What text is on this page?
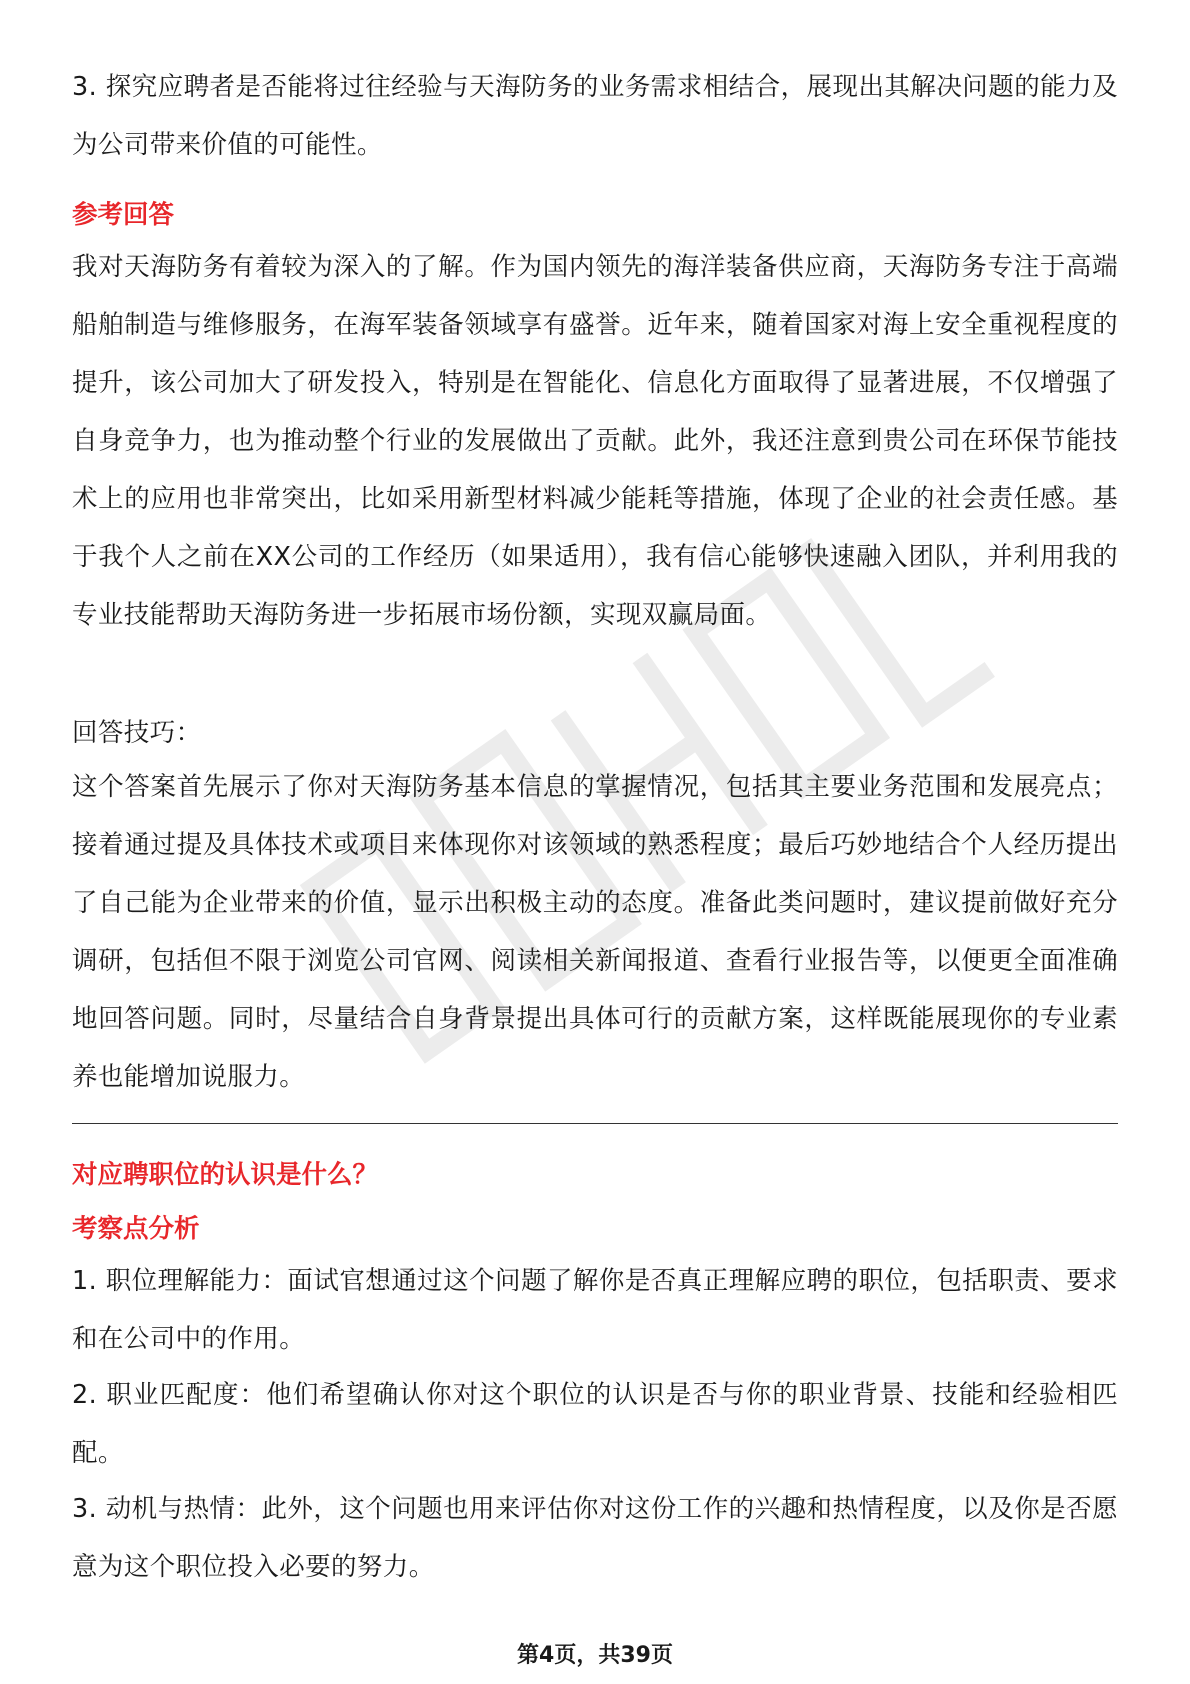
3. 探究应聘者是否能将过往经验与天海防务的业务需求相结合，展现出其解决问题的能力及为公司带来价值的可能性。

参考回答

我对天海防务有着较为深入的了解。作为国内领先的海洋装备供应商，天海防务专注于高端船舶制造与维修服务，在海军装备领域享有盛誉。近年来，随着国家对海上安全重视程度的提升，该公司加大了研发投入，特别是在智能化、信息化方面取得了显著进展，不仅增强了自身竞争力，也为推动整个行业的发展做出了贡献。此外，我还注意到贵公司在环保节能技术上的应用也非常突出，比如采用新型材料减少能耗等措施，体现了企业的社会责任感。基于我个人之前在XX公司的工作经历（如果适用），我有信心能够快速融入团队，并利用我的专业技能帮助天海防务进一步拓展市场份额，实现双赢局面。

回答技巧：

这个答案首先展示了你对天海防务基本信息的掌握情况，包括其主要业务范围和发展亮点；接着通过提及具体技术或项目来体现你对该领域的熟悉程度；最后巧妙地结合个人经历提出了自己能为企业带来的价值，显示出积极主动的态度。准备此类问题时，建议提前做好充分调研，包括但不限于浏览公司官网、阅读相关新闻报道、查看行业报告等，以便更全面准确地回答问题。同时，尽量结合自身背景提出具体可行的贡献方案，这样既能展现你的专业素养也能增加说服力。

对应聘职位的认识是什么？

考察点分析

1. 职位理解能力：面试官想通过这个问题了解你是否真正理解应聘的职位，包括职责、要求和在公司中的作用。

2. 职业匹配度：他们希望确认你对这个职位的认识是否与你的职业背景、技能和经验相匹配。

3. 动机与热情：此外，这个问题也用来评估你对这份工作的兴趣和热情程度，以及你是否愿意为这个职位投入必要的努力。

第4页，共39页
